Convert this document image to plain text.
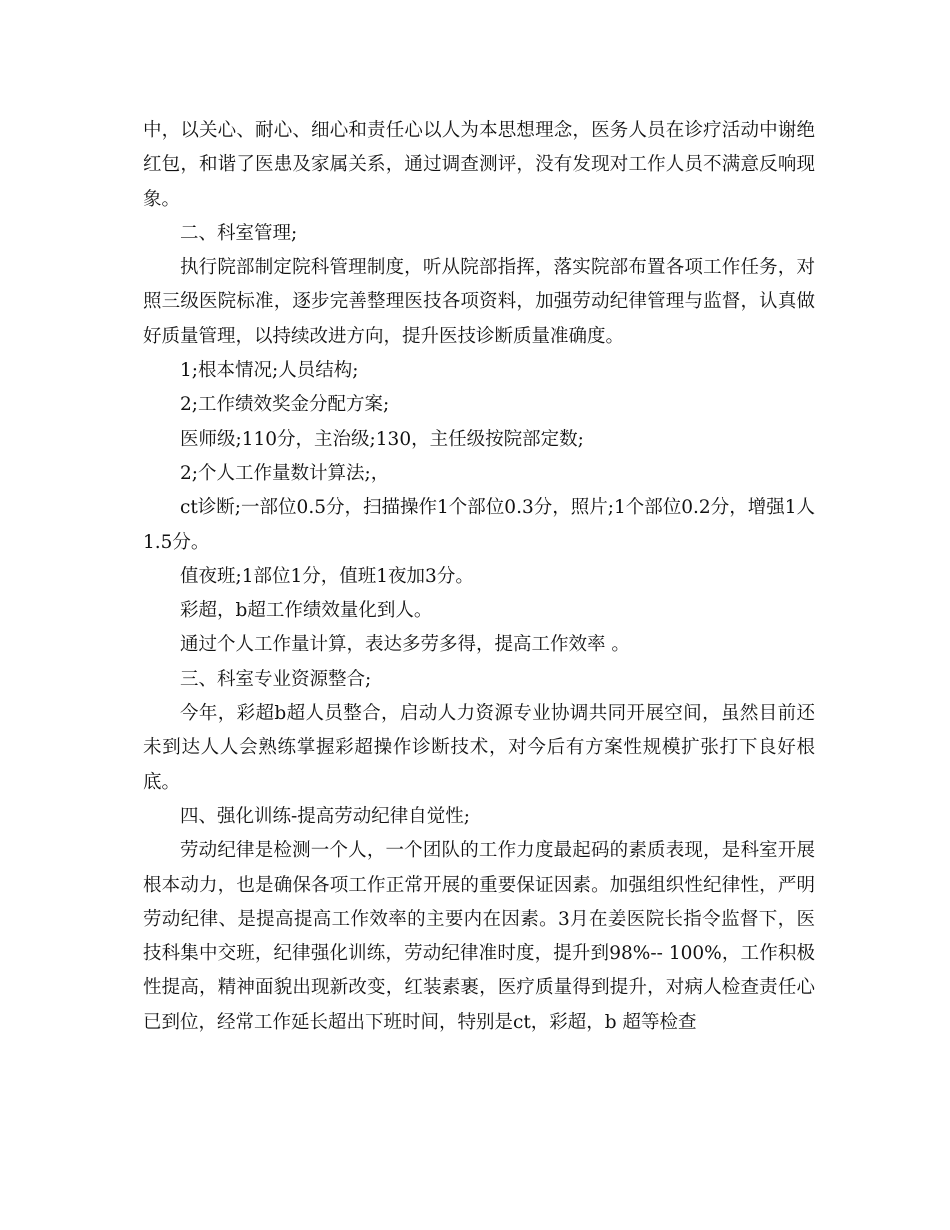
中，以关心、耐心、细心和责任心以人为本思想理念，医务人员在诊疗活动中谢绝红包，和谐了医患及家属关系，通过调查测评，没有发现对工作人员不满意反响现象。

二、科室管理;

执行院部制定院科管理制度，听从院部指挥，落实院部布置各项工作任务，对照三级医院标准，逐步完善整理医技各项资料，加强劳动纪律管理与监督，认真做好质量管理，以持续改进方向，提升医技诊断质量准确度。

1;根本情况;人员结构;

2;工作绩效奖金分配方案;

医师级;110分，主治级;130，主任级按院部定数;

2;个人工作量数计算法;，

ct诊断;一部位0.5分，扫描操作1个部位0.3分，照片;1个部位0.2分，增强1人1.5分。

值夜班;1部位1分，值班1夜加3分。

彩超，b超工作绩效量化到人。

通过个人工作量计算，表达多劳多得，提高工作效率 。

三、科室专业资源整合;

今年，彩超b超人员整合，启动人力资源专业协调共同开展空间，虽然目前还未到达人人会熟练掌握彩超操作诊断技术，对今后有方案性规模扩张打下良好根底。

四、强化训练-提高劳动纪律自觉性;

劳动纪律是检测一个人，一个团队的工作力度最起码的素质表现，是科室开展根本动力，也是确保各项工作正常开展的重要保证因素。加强组织性纪律性，严明劳动纪律、是提高提高工作效率的主要内在因素。3月在姜医院长指令监督下，医技科集中交班，纪律强化训练，劳动纪律准时度，提升到98%-- 100%，工作积极性提高，精神面貌出现新改变，红装素裹，医疗质量得到提升，对病人检查责任心已到位，经常工作延长超出下班时间，特别是ct，彩超，b 超等检查
